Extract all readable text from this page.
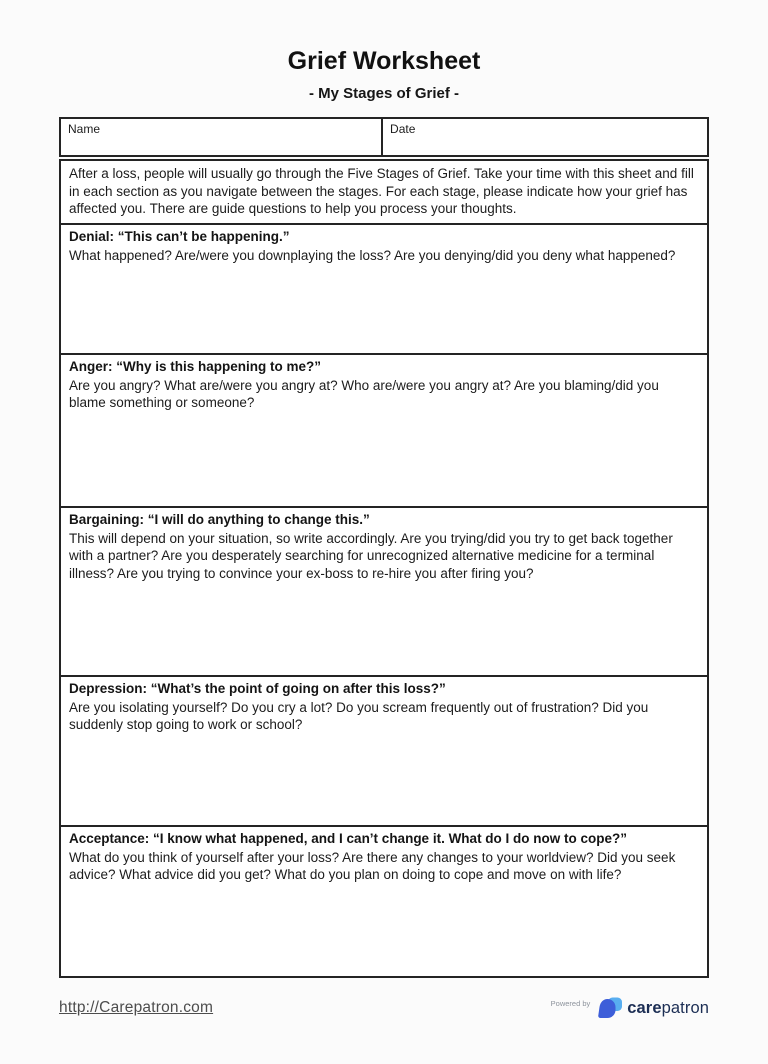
Grief Worksheet
- My Stages of Grief -
Name	Date
After a loss, people will usually go through the Five Stages of Grief. Take your time with this sheet and fill in each section as you navigate between the stages. For each stage, please indicate how your grief has affected you. There are guide questions to help you process your thoughts.
Denial: “This can’t be happening.”
What happened? Are/were you downplaying the loss? Are you denying/did you deny what happened?
Anger: “Why is this happening to me?”
Are you angry? What are/were you angry at? Who are/were you angry at? Are you blaming/did you blame something or someone?
Bargaining: “I will do anything to change this.”
This will depend on your situation, so write accordingly. Are you trying/did you try to get back together with a partner? Are you desperately searching for unrecognized alternative medicine for a terminal illness? Are you trying to convince your ex-boss to re-hire you after firing you?
Depression: “What’s the point of going on after this loss?”
Are you isolating yourself? Do you cry a lot? Do you scream frequently out of frustration? Did you suddenly stop going to work or school?
Acceptance: “I know what happened, and I can’t change it. What do I do now to cope?”
What do you think of yourself after your loss? Are there any changes to your worldview? Did you seek advice? What advice did you get? What do you plan on doing to cope and move on with life?
http://Carepatron.com	Powered by carepatron
